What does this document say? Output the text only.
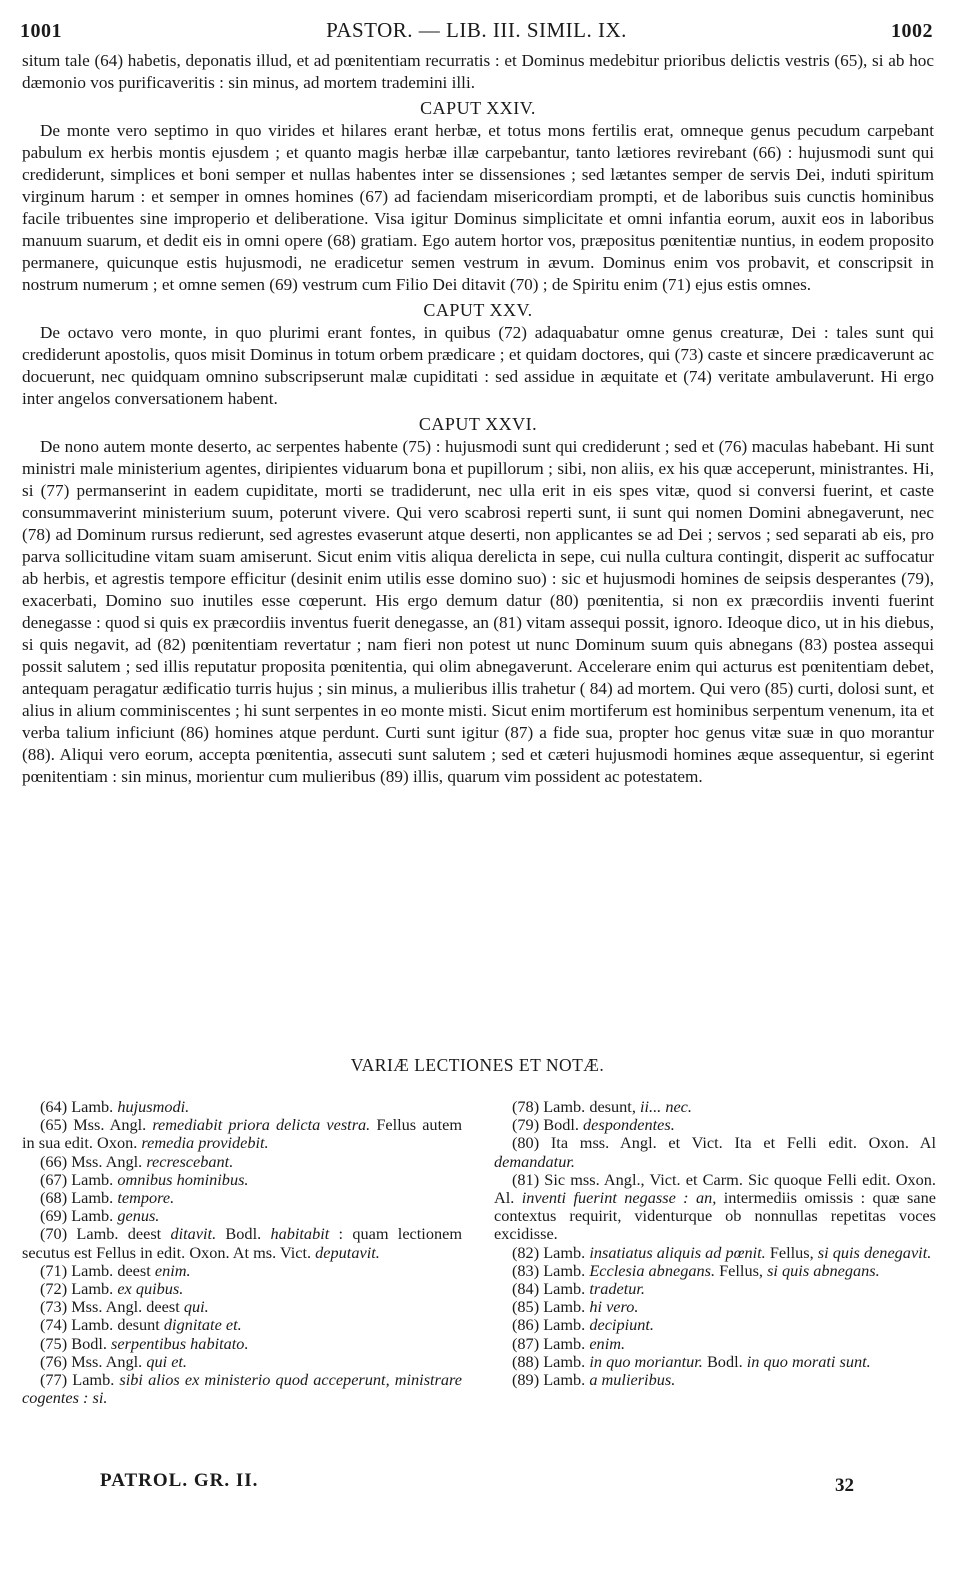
1001	PASTOR. — LIB. III. SIMIL. IX.	1002

situm tale (64) habetis, deponatis illud, et ad pœnitentiam recurratis : et Dominus medebitur prioribus delictis vestris (65), si ab hoc dæmonio vos purificaveritis : sin minus, ad mortem trademini illi.

CAPUT XXIV.

De monte vero septimo in quo virides et hilares erant herbæ, et totus mons fertilis erat, omneque genus pecudum carpebant pabulum ex herbis montis ejusdem ; et quanto magis herbæ illæ carpebantur, tanto lætiores revirebant (66) : hujusmodi sunt qui crediderunt, simplices et boni semper et nullas habentes inter se dissensiones ; sed lætantes semper de servis Dei, induti spiritum virginum harum : et semper in omnes homines (67) ad faciendam misericordiam prompti, et de laboribus suis cunctis hominibus facile tribuentes sine improperio et deliberatione. Visa igitur Dominus simplicitate et omni infantia eorum, auxit eos in laboribus manuum suarum, et dedit eis in omni opere (68) gratiam. Ego autem hortor vos, præpositus pœnitentiæ nuntius, in eodem proposito permanere, quicunque estis hujusmodi, ne eradicetur semen vestrum in ævum. Dominus enim vos probavit, et conscripsit in nostrum numerum ; et omne semen (69) vestrum cum Filio Dei ditavit (70) ; de Spiritu enim (71) ejus estis omnes.

CAPUT XXV.

De octavo vero monte, in quo plurimi erant fontes, in quibus (72) adaquabatur omne genus creaturæ, Dei : tales sunt qui crediderunt apostolis, quos misit Dominus in totum orbem prædicare ; et quidam doctores, qui (73) caste et sincere prædicaverunt ac docuerunt, nec quidquam omnino subscripserunt malæ cupiditati : sed assidue in æquitate et (74) veritate ambulaverunt. Hi ergo inter angelos conversationem habent.

CAPUT XXVI.

De nono autem monte deserto, ac serpentes habente (75) : hujusmodi sunt qui crediderunt ; sed et (76) maculas habebant. Hi sunt ministri male ministerium agentes, diripientes viduarum bona et pupillorum ; sibi, non aliis, ex his quæ acceperunt, ministrantes. Hi, si (77) permanserint in eadem cupiditate, morti se tradiderunt, nec ulla erit in eis spes vitæ, quod si conversi fuerint, et caste consummaverint ministerium suum, poterunt vivere. Qui vero scabrosi reperti sunt, ii sunt qui nomen Domini abnegaverunt, nec (78) ad Dominum rursus redierunt, sed agrestes evaserunt atque deserti, non applicantes se ad Dei ; servos ; sed separati ab eis, pro parva sollicitudine vitam suam amiserunt. Sicut enim vitis aliqua derelicta in sepe, cui nulla cultura contingit, disperit ac suffocatur ab herbis, et agrestis tempore efficitur (desinit enim utilis esse domino suo) : sic et hujusmodi homines de seipsis desperantes (79), exacerbati, Domino suo inutiles esse cœperunt. His ergo demum datur (80) pœnitentia, si non ex præcordiis inventi fuerint denegasse : quod si quis ex præcordiis inventus fuerit denegasse, an (81) vitam assequi possit, ignoro. Ideoque dico, ut in his diebus, si quis negavit, ad (82) pœnitentiam revertatur ; nam fieri non potest ut nunc Dominum suum quis abnegans (83) postea assequi possit salutem ; sed illis reputatur proposita pœnitentia, qui olim abnegaverunt. Accelerare enim qui acturus est pœnitentiam debet, antequam peragatur ædificatio turris hujus ; sin minus, a mulieribus illis trahetur ( 84) ad mortem. Qui vero (85) curti, dolosi sunt, et alius in alium comminiscentes ; hi sunt serpentes in eo monte misti. Sicut enim mortiferum est hominibus serpentum venenum, ita et verba talium inficiunt (86) homines atque perdunt. Curti sunt igitur (87) a fide sua, propter hoc genus vitæ suæ in quo morantur (88). Aliqui vero eorum, accepta pœnitentia, assecuti sunt salutem ; sed et cæteri hujusmodi homines æque assequentur, si egerint pœnitentiam : sin minus, morientur cum mulieribus (89) illis, quarum vim possident ac potestatem.

VARIÆ LECTIONES ET NOTÆ.

(64) Lamb. hujusmodi.

(65) Mss. Angl. remediabit priora delicta vestra. Fellus autem in sua edit. Oxon. remedia providebit.

(66) Mss. Angl. recrescebant.

(67) Lamb. omnibus hominibus.

(68) Lamb. tempore.

(69) Lamb. genus.

(70) Lamb. deest ditavit. Bodl. habitabit : quam lectionem secutus est Fellus in edit. Oxon. At ms. Vict. deputavit.

(71) Lamb. deest enim.

(72) Lamb. ex quibus.

(73) Mss. Angl. deest qui.

(74) Lamb. desunt dignitate et.

(75) Bodl. serpentibus habitato.

(76) Mss. Angl. qui et.

(77) Lamb. sibi alios ex ministerio quod acceperunt, ministrare cogentes : si.

(78) Lamb. desunt, ii... nec.

(79) Bodl. despondentes.

(80) Ita mss. Angl. et Vict. Ita et Felli edit. Oxon. Al demandatur.

(81) Sic mss. Angl., Vict. et Carm. Sic quoque Felli edit. Oxon. Al. inventi fuerint negasse : an, intermediis omissis : quæ sane contextus requirit, videnturque ob nonnullas repetitas voces excidisse.

(82) Lamb. insatiatus aliquis ad pœnit. Fellus, si quis denegavit.

(83) Lamb. Ecclesia abnegans. Fellus, si quis abnegans.

(84) Lamb. tradetur.

(85) Lamb. hi vero.

(86) Lamb. decipiunt.

(87) Lamb. enim.

(88) Lamb. in quo moriantur. Bodl. in quo morati sunt.

(89) Lamb. a mulieribus.

PATROL. GR. II.	32
